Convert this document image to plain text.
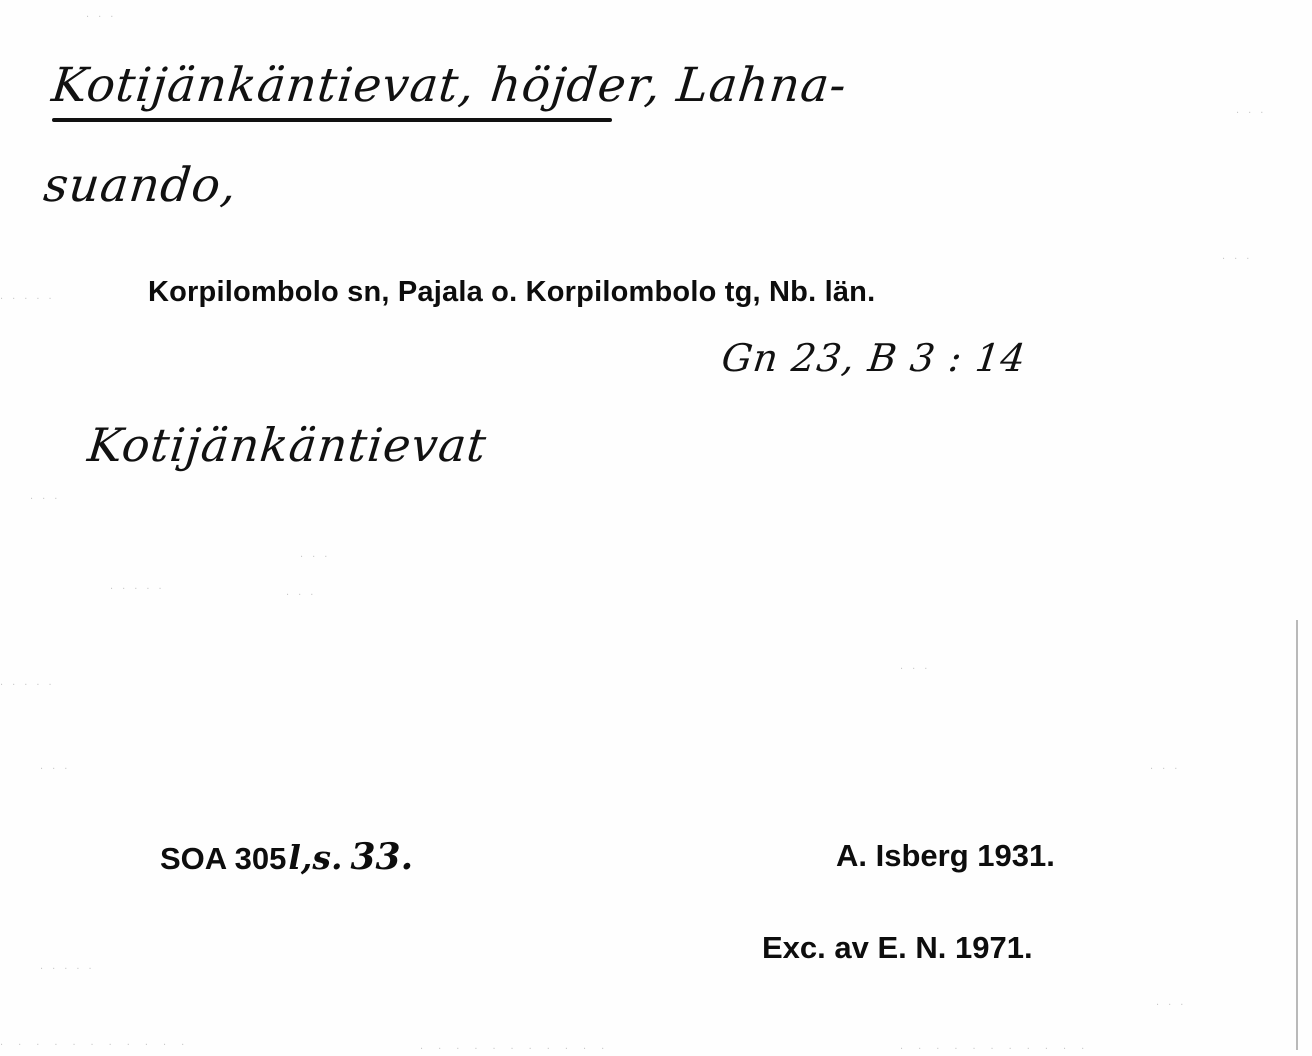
. . .
. . . . .
. . .
. . .
. . .
. . .
. . . . .	. . .
. . . . .
. . .
. . .
. . .
. . . . .
. . .
. . . . . . . . . . .	. . . . . . . . . . .	. . . . . . . . . . .
Kotijänkäntievat, höjder, Lahna-
suando,
Korpilombolo sn, Pajala o. Korpilombolo tg, Nb. län.
Gn 23, B 3 : 14
Kotijänkäntievat
SOA 305l,s. 33.	A. Isberg 1931.
Exc. av E. N. 1971.
